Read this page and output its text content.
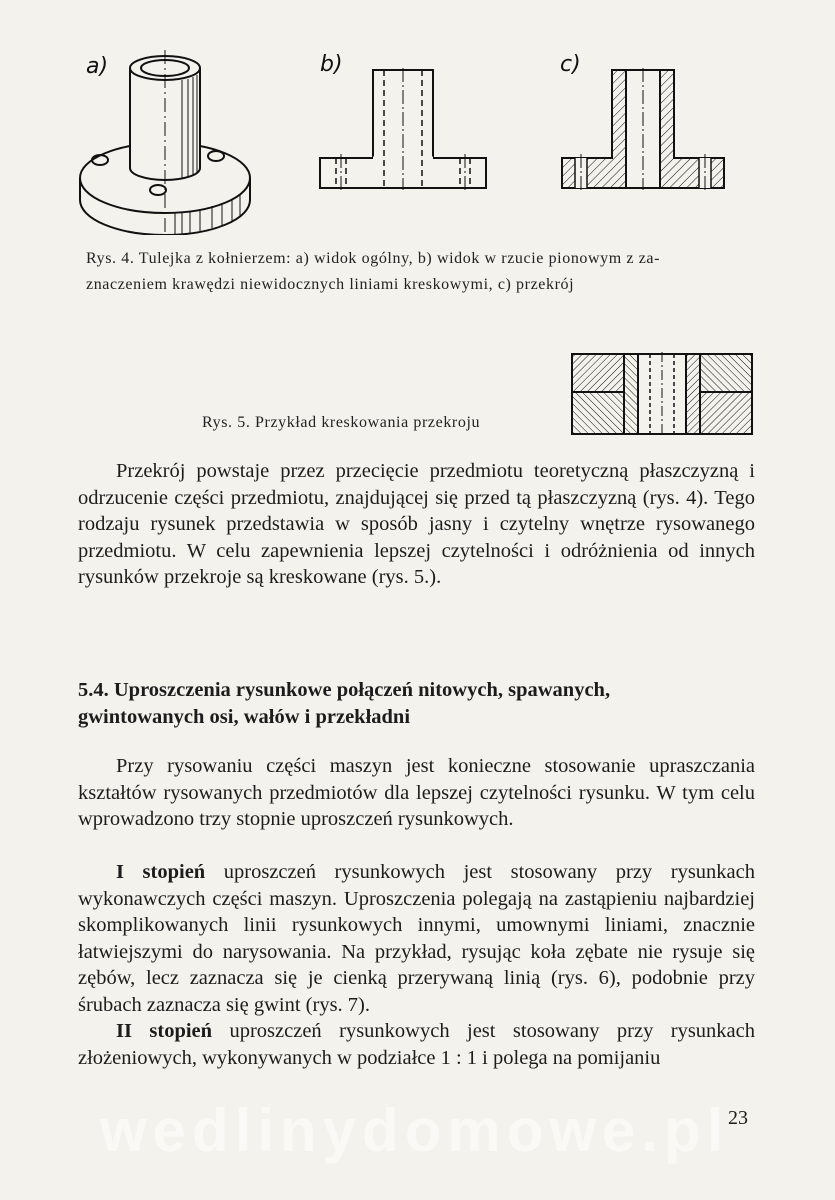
a)	b)	c)
Rys. 4. Tulejka z kołnierzem: a) widok ogólny, b) widok w rzucie pionowym z za-
znaczeniem krawędzi niewidocznych liniami kreskowymi, c) przekrój
Rys. 5. Przykład kreskowania przekroju

Przekrój powstaje przez przecięcie przedmiotu teoretyczną płaszczyzną i odrzucenie części przedmiotu, znajdującej się przed tą płaszczyzną (rys. 4). Tego rodzaju rysunek przedstawia w sposób jasny i czytelny wnętrze rysowanego przedmiotu. W celu zapewnienia lepszej czytelności i odróżnienia od innych rysunków przekroje są kreskowane (rys. 5.).

5.4. Uproszczenia rysunkowe połączeń nitowych, spawanych,
gwintowanych osi, wałów i przekładni

Przy rysowaniu części maszyn jest konieczne stosowanie upraszczania kształtów rysowanych przedmiotów dla lepszej czytelności rysunku. W tym celu wprowadzono trzy stopnie uproszczeń rysunkowych.

I stopień uproszczeń rysunkowych jest stosowany przy rysunkach wykonawczych części maszyn. Uproszczenia polegają na zastąpieniu najbardziej skomplikowanych linii rysunkowych innymi, umownymi liniami, znacznie łatwiejszymi do narysowania. Na przykład, rysując koła zębate nie rysuje się zębów, lecz zaznacza się je cienką przerywaną linią (rys. 6), podobnie przy śrubach zaznacza się gwint (rys. 7).

II stopień uproszczeń rysunkowych jest stosowany przy rysunkach złożeniowych, wykonywanych w podziałce 1 : 1 i polega na pomijaniu

wedlinydomowe.pl
23
